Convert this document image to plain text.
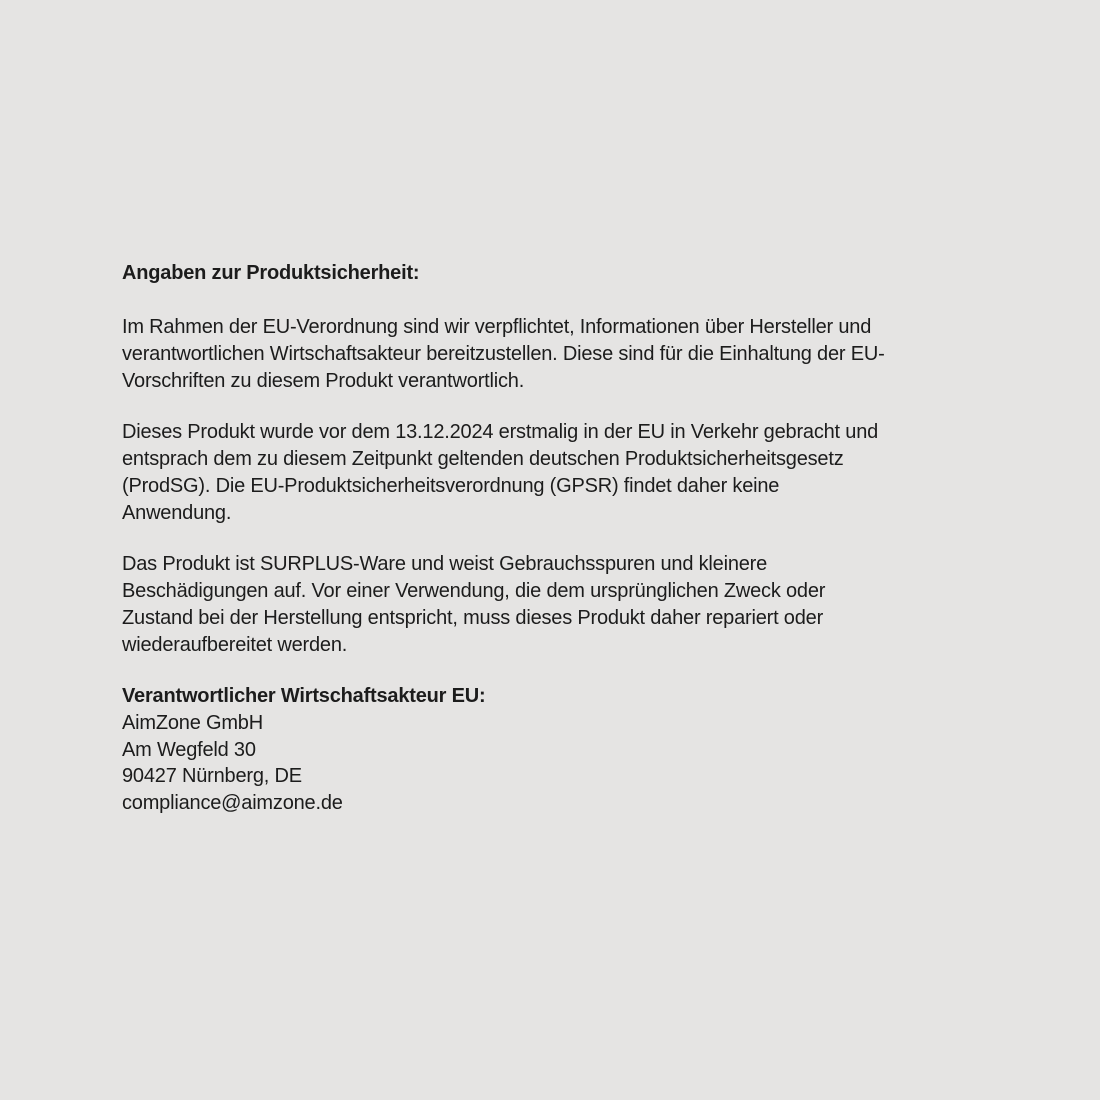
Angaben zur Produktsicherheit:

Im Rahmen der EU-Verordnung sind wir verpflichtet, Informationen über Hersteller und verantwortlichen Wirtschaftsakteur bereitzustellen. Diese sind für die Einhaltung der EU-Vorschriften zu diesem Produkt verantwortlich.

Dieses Produkt wurde vor dem 13.12.2024 erstmalig in der EU in Verkehr gebracht und entsprach dem zu diesem Zeitpunkt geltenden deutschen Produktsicherheitsgesetz (ProdSG). Die EU-Produktsicherheitsverordnung (GPSR) findet daher keine Anwendung.

Das Produkt ist SURPLUS-Ware und weist Gebrauchsspuren und kleinere Beschädigungen auf. Vor einer Verwendung, die dem ursprünglichen Zweck oder Zustand bei der Herstellung entspricht, muss dieses Produkt daher repariert oder wiederaufbereitet werden.

Verantwortlicher Wirtschaftsakteur EU:
AimZone GmbH
Am Wegfeld 30
90427 Nürnberg, DE
compliance@aimzone.de
